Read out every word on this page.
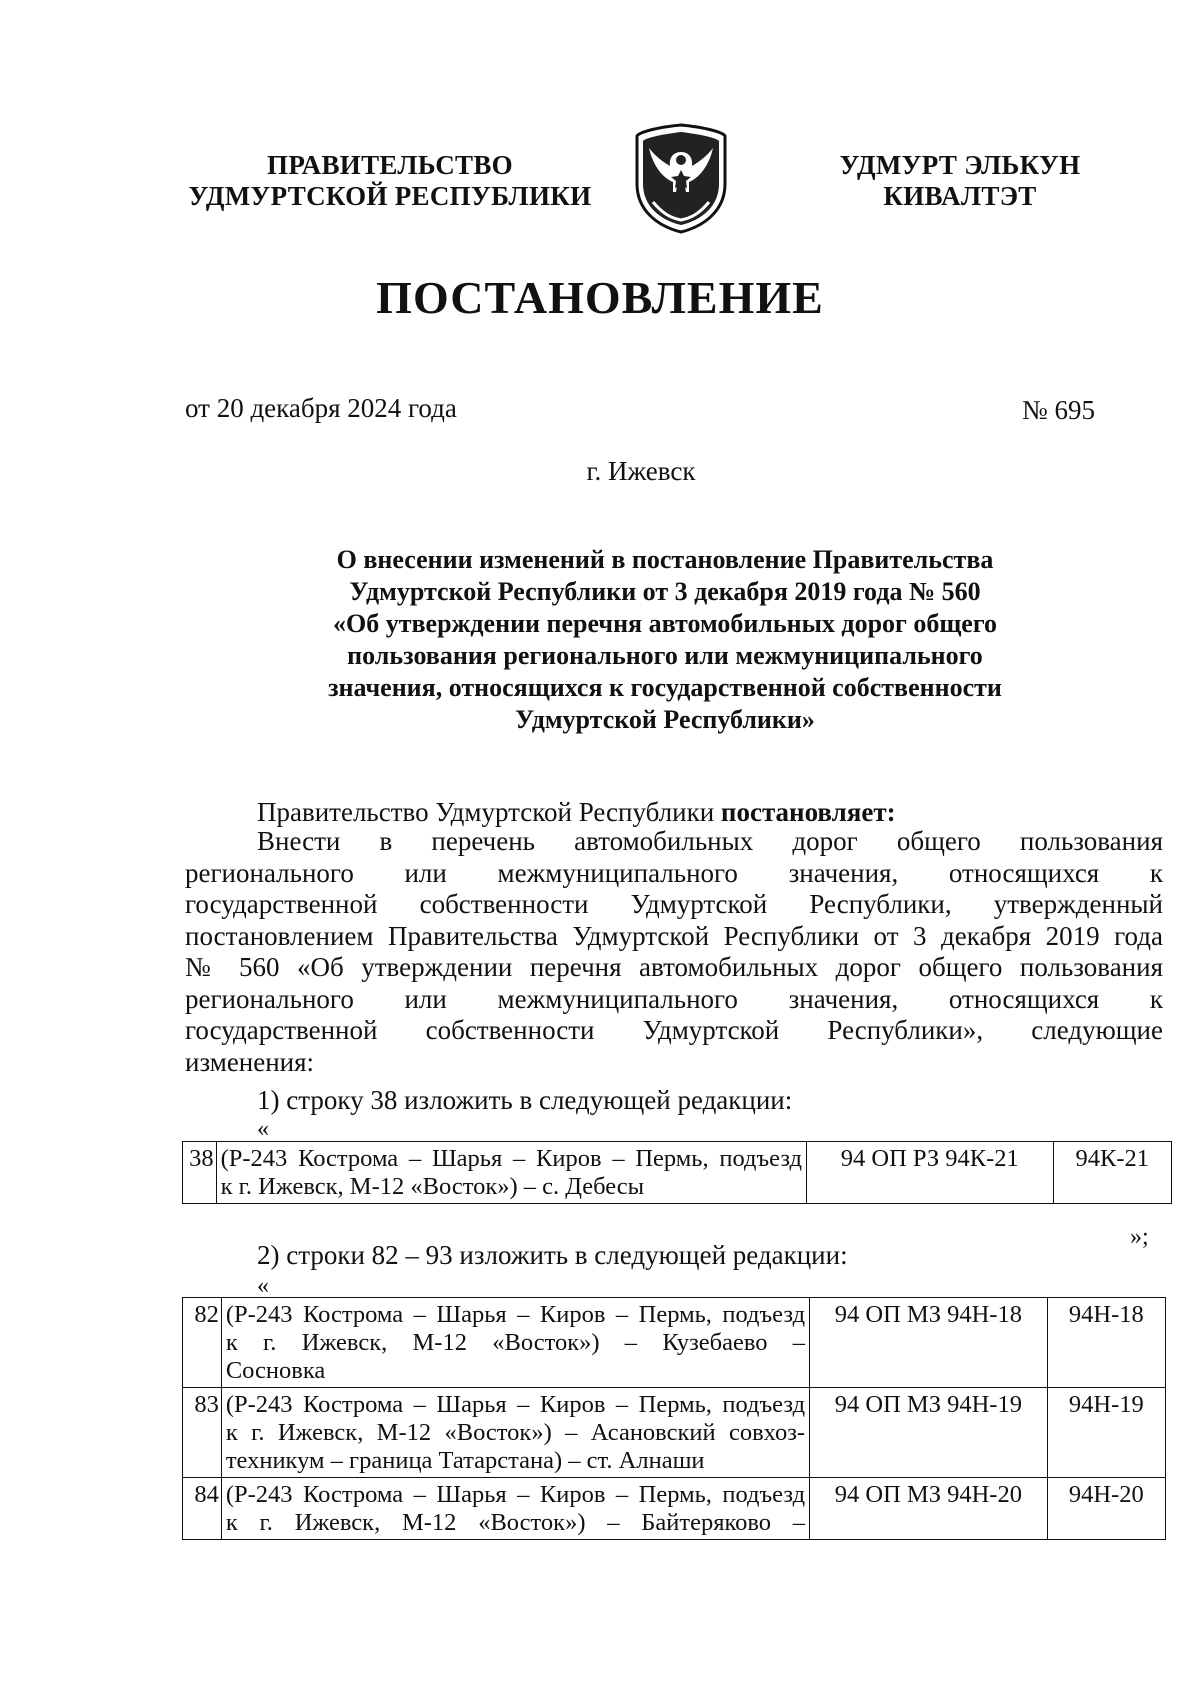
ПРАВИТЕЛЬСТВО
УДМУРТСКОЙ РЕСПУБЛИКИ
УДМУРТ ЭЛЬКУН
КИВАЛТЭТ
ПОСТАНОВЛЕНИЕ
от 20 декабря 2024 года	№ 695
г. Ижевск
О внесении изменений в постановление Правительства
Удмуртской Республики от 3 декабря 2019 года № 560
«Об утверждении перечня автомобильных дорог общего
пользования регионального или межмуниципального
значения, относящихся к государственной собственности
Удмуртской Республики»
Правительство Удмуртской Республики постановляет:
Внести в перечень автомобильных дорог общего пользования
регионального или межмуниципального значения, относящихся к
государственной собственности Удмуртской Республики, утвержденный
постановлением Правительства Удмуртской Республики от 3 декабря 2019 года
№ 560 «Об утверждении перечня автомобильных дорог общего пользования
регионального или межмуниципального значения, относящихся к
государственной собственности Удмуртской Республики», следующие
изменения:
1) строку 38 изложить в следующей редакции:
«
38	(Р-243 Кострома – Шарья – Киров – Пермь, подъезд
к г. Ижевск, М-12 «Восток») – с. Дебесы
	94 ОП РЗ 94К-21	94К-21
»;
2) строки 82 – 93 изложить в следующей редакции:
«
82	(Р-243 Кострома – Шарья – Киров – Пермь, подъезд
к г. Ижевск, М-12 «Восток») – Кузебаево –
Сосновка	94 ОП МЗ 94Н-18	94Н-18
83	(Р-243 Кострома – Шарья – Киров – Пермь, подъезд
к г. Ижевск, М-12 «Восток») – Асановский совхоз-
техникум – граница Татарстана) – ст. Алнаши	94 ОП МЗ 94Н-19	94Н-19
84	(Р-243 Кострома – Шарья – Киров – Пермь, подъезд
к г. Ижевск, М-12 «Восток») – Байтеряково –	94 ОП МЗ 94Н-20	94Н-20
